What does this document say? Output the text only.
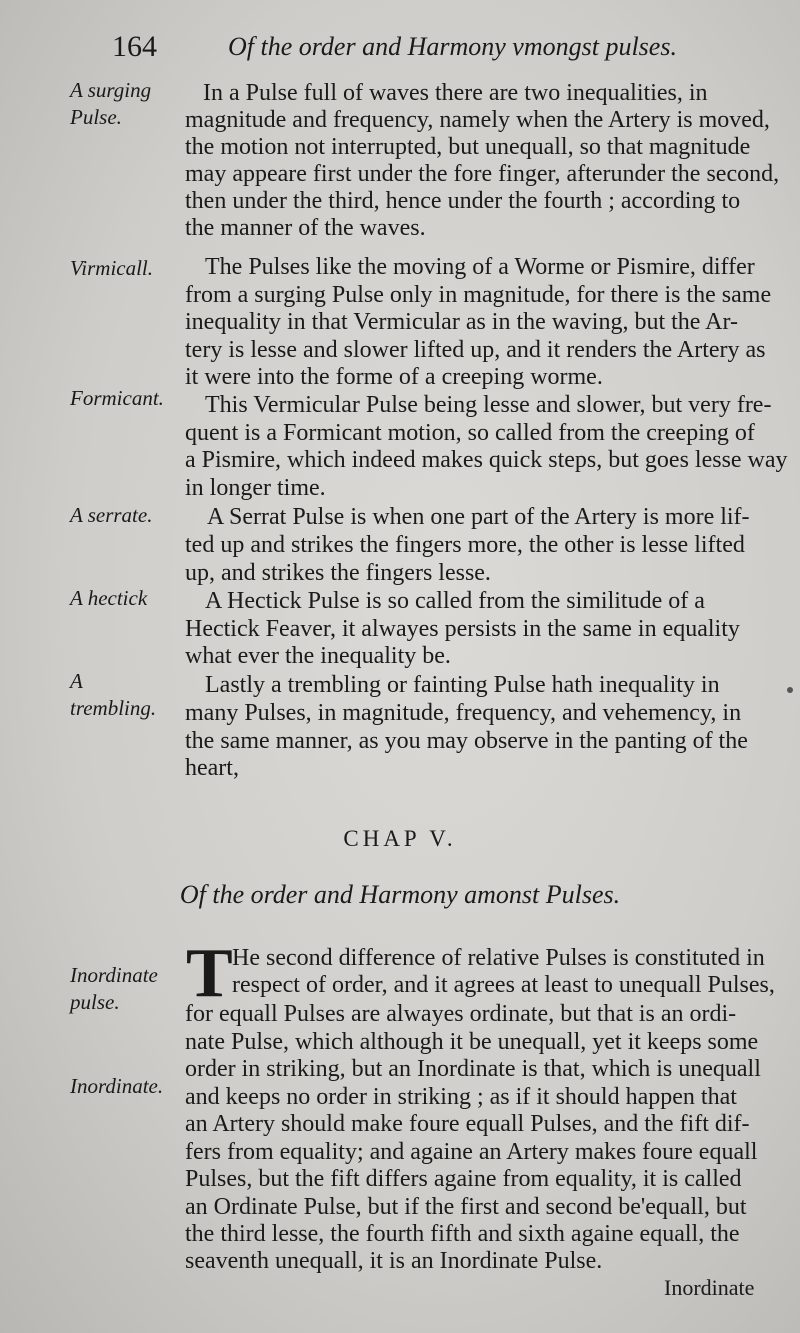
164	Of the order and Harmony vmongst pulses.
A surging Pulse.
Virmicall.
Formicant.
A serrate.
A hectick
A trembling.
Inordinate pulse.
Inordinate.
In a Pulse full of waves there are two inequalities, in
magnitude and frequency, namely when the Artery is moved,
the motion not interrupted, but unequall, so that magnitude
may appeare first under the fore finger, afterunder the second,
then under the third, hence under the fourth ; according to
the manner of the waves.
The Pulses like the moving of a Worme or Pismire, differ
from a surging Pulse only in magnitude, for there is the same
inequality in that Vermicular as in the waving, but the Ar-
tery is lesse and slower lifted up, and it renders the Artery as
it were into the forme of a creeping worme.
This Vermicular Pulse being lesse and slower, but very fre-
quent is a Formicant motion, so called from the creeping of
a Pismire, which indeed makes quick steps, but goes lesse way
in longer time.
A Serrat Pulse is when one part of the Artery is more lif-
ted up and strikes the fingers more, the other is lesse lifted
up, and strikes the fingers lesse.
A Hectick Pulse is so called from the similitude of a
Hectick Feaver, it alwayes persists in the same in equality
what ever the inequality be.
Lastly a trembling or fainting Pulse hath inequality in
many Pulses, in magnitude, frequency, and vehemency, in
the same manner, as you may observe in the panting of the
heart,
CHAP V.
Of the order and Harmony amonst Pulses.
T He second difference of relative Pulses is constituted in
respect of order, and it agrees at least to unequall Pulses,
for equall Pulses are alwayes ordinate, but that is an ordi-
nate Pulse, which although it be unequall, yet it keeps some
order in striking, but an Inordinate is that, which is unequall
and keeps no order in striking ; as if it should happen that
an Artery should make foure equall Pulses, and the fift dif-
fers from equality; and againe an Artery makes foure equall
Pulses, but the fift differs againe from equality, it is called
an Ordinate Pulse, but if the first and second be'equall, but
the third lesse, the fourth fifth and sixth againe equall, the
seaventh unequall, it is an Inordinate Pulse.
Inordinate
